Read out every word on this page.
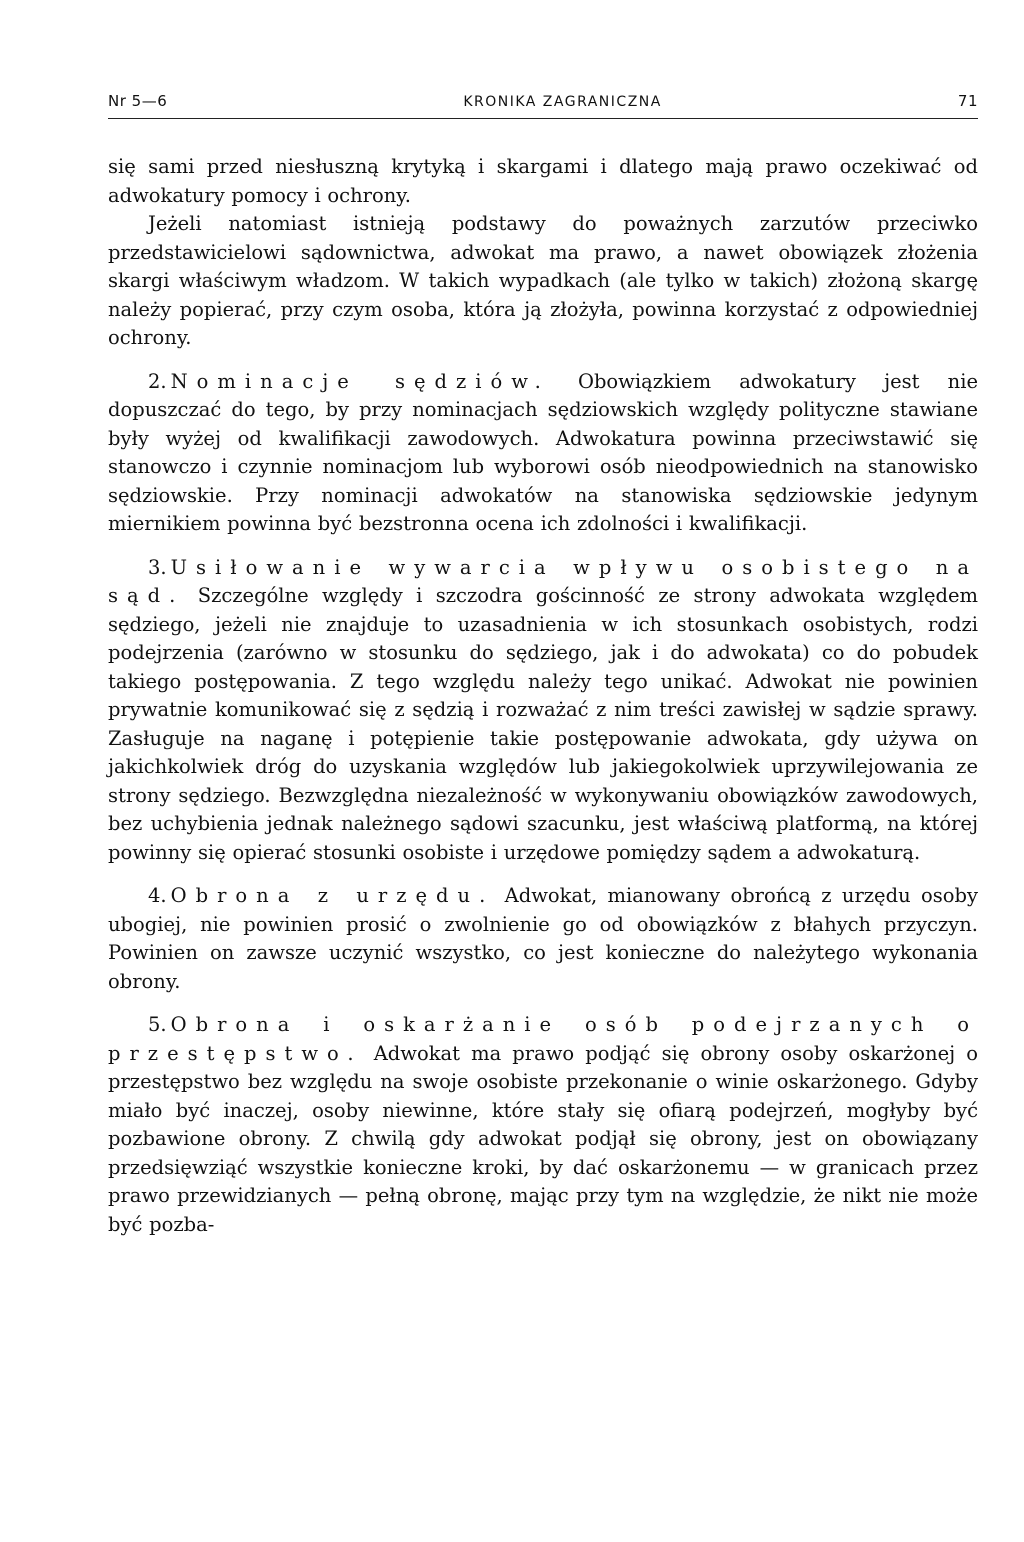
Nr 5—6	KRONIKA ZAGRANICZNA	71

się sami przed niesłuszną krytyką i skargami i dlatego mają prawo oczekiwać od adwokatury pomocy i ochrony.

Jeżeli natomiast istnieją podstawy do poważnych zarzutów przeciwko przedstawicielowi sądownictwa, adwokat ma prawo, a nawet obowiązek złożenia skargi właściwym władzom. W takich wypadkach (ale tylko w takich) złożoną skargę należy popierać, przy czym osoba, która ją złożyła, powinna korzystać z odpowiedniej ochrony.

2. Nominacje sędziów. Obowiązkiem adwokatury jest nie dopuszczać do tego, by przy nominacjach sędziowskich względy polityczne stawiane były wyżej od kwalifikacji zawodowych. Adwokatura powinna przeciwstawić się stanowczo i czynnie nominacjom lub wyborowi osób nieodpowiednich na stanowisko sędziowskie. Przy nominacji adwokatów na stanowiska sędziowskie jedynym miernikiem powinna być bezstronna ocena ich zdolności i kwalifikacji.

3. Usiłowanie wywarcia wpływu osobistego na sąd. Szczególne względy i szczodra gościnność ze strony adwokata względem sędziego, jeżeli nie znajduje to uzasadnienia w ich stosunkach osobistych, rodzi podejrzenia (zarówno w stosunku do sędziego, jak i do adwokata) co do pobudek takiego postępowania. Z tego względu należy tego unikać. Adwokat nie powinien prywatnie komunikować się z sędzią i rozważać z nim treści zawisłej w sądzie sprawy. Zasługuje na naganę i potępienie takie postępowanie adwokata, gdy używa on jakichkolwiek dróg do uzyskania względów lub jakiegokolwiek uprzywilejowania ze strony sędziego. Bezwzględna niezależność w wykonywaniu obowiązków zawodowych, bez uchybienia jednak należnego sądowi szacunku, jest właściwą platformą, na której powinny się opierać stosunki osobiste i urzędowe pomiędzy sądem a adwokaturą.

4. Obrona z urzędu. Adwokat, mianowany obrońcą z urzędu osoby ubogiej, nie powinien prosić o zwolnienie go od obowiązków z błahych przyczyn. Powinien on zawsze uczynić wszystko, co jest konieczne do należytego wykonania obrony.

5. Obrona i oskarżanie osób podejrzanych o przestępstwo. Adwokat ma prawo podjąć się obrony osoby oskarżonej o przestępstwo bez względu na swoje osobiste przekonanie o winie oskarżonego. Gdyby miało być inaczej, osoby niewinne, które stały się ofiarą podejrzeń, mogłyby być pozbawione obrony. Z chwilą gdy adwokat podjął się obrony, jest on obowiązany przedsięwziąć wszystkie konieczne kroki, by dać oskarżonemu — w granicach przez prawo przewidzianych — pełną obronę, mając przy tym na względzie, że nikt nie może być pozba-
